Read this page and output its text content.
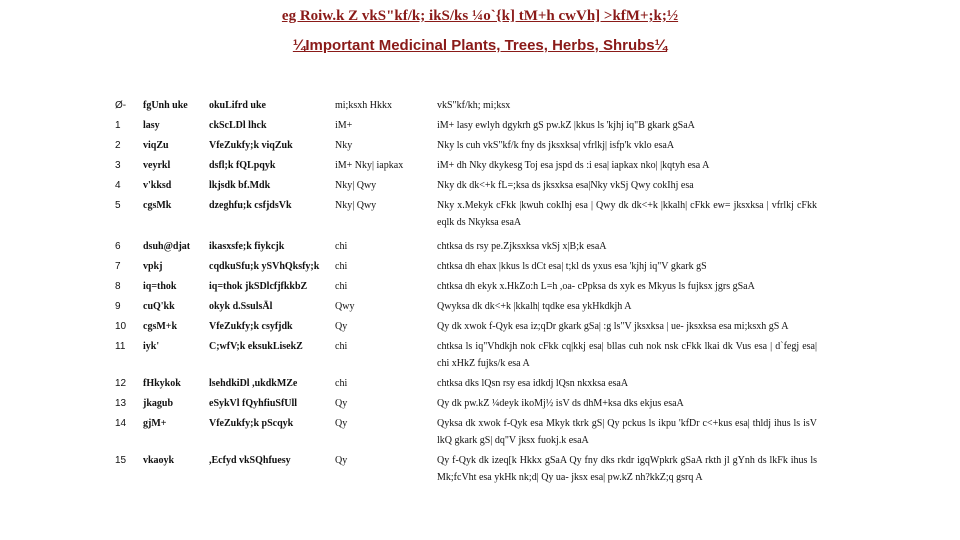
eg Roiw.k Z vkS"kf/k; ikS/ks ¼o`{k] tM+h cwVh] >kfM+;k;½
¼Important Medicinal Plants, Trees, Herbs, Shrubs¼
Ø-	fgUnh uke	okuLifrd uke	mi;ksxh Hkkx	vkS"kf/kh; mi;ksx
1	lasy	ckScLDl lhck	iM+	iM+ lasy ewlyh dgykrh gS pw.kZ |kkus ls 'kjhj iq"B gkark gSaA
2	viqZu	VfeZukfy;k viqZuk	Nky	Nky ls cuh vkS"kf/k fny ds jksxksa| vfrlkj| isfp'k vklo esaA
3	veyrkl	dsfl;k fQLpqyk	iM+ Nky| iapkax	iM+ dh Nky dkykesg Toj esa jspd ds :i esa| iapkax nko| |kqtyh esa A
4	v'kksd	lkjsdk bf.Mdk	Nky| Qwy	Nky dk dk<+k fL=;ksa ds jksxksa esa|Nky vkSj Qwy cokIhj esa
5	cgsMk	dzeghfu;k csfjdsVk	Nky| Qwy	Nky x.Mekyk cFkk |kwuh cokIhj esa | Qwy dk dk<+k |kkalh| cFkk ew= jksxksa | vfrlkj cFkk eqlk ds Nkyksa esaA

6	dsuh@djat	ikasxsfe;k fiykcjk	chi	chtksa ds rsy pe.Zjksxksa vkSj x|B;k esaA
7	vpkj	cqdkuSfu;k ySVhQksfy;k	chi	chtksa dh ehax |kkus ls dCt esa| t;kl ds yxus esa 'kjhj iq"V gkark gS
8	iq=thok	iq=thok jkSDlcfjfkkbZ	chi	chtksa dh ekyk x.HkZo:h L=h ,oa- cPpksa ds xyk es Mkyus ls fujksx jgrs gSaA
9	cuQ'kk	okyk d.SsulsĀl	Qwy	Qwyksa dk dk<+k |kkalh| tqdke esa ykHkdkjh A
10	cgsM+k	VfeZukfy;k csyfjdk	Qy	Qy dk xwok f-Qyk esa iz;qDr gkark gSa| :g ls"V jksxksa | ue- jksxksa esa mi;ksxh gS A
11	iyk'	C;wfV;k eksukLisekZ	chi	chtksa ls iq"Vhdkjh nok cFkk cq|kkj esa| bllas cuh nok nsk cFkk lkai dk Vus esa | d`fegj esa| chi xHkZ fujks/k esa A
12	fHkykok	lsehdkiDl ,ukdkMZe	chi	chtksa dks lQsn rsy esa idkdj lQsn nkxksa esaA
13	jkagub	eSykVl fQyhfiuSfUll	Qy	Qy dk pw.kZ ¼deyk ikoMj½ isV ds dhM+ksa dks ekjus esaA
14	gjM+	VfeZukfy;k pScqyk	Qy	Qyksa dk xwok f-Qyk esa Mkyk tkrk gS| Qy pckus ls ikpu 'kfDr c<+kus esa| thldj ihus ls isV lkQ gkark gS| dq"V jksx fuokj.k esaA
15	vkaoyk	,Ecfyd vkSQhfuesy	Qy	Qy f-Qyk dk izeq[k Hkkx gSaA Qy fny dks rkdr igqWpkrk gSaA rkth jl gYnh ds lkFk ihus ls Mk;fcVht esa ykHk nk;d| Qy ua- jksx esa| pw.kZ nh?kkZ;q gsrq A
